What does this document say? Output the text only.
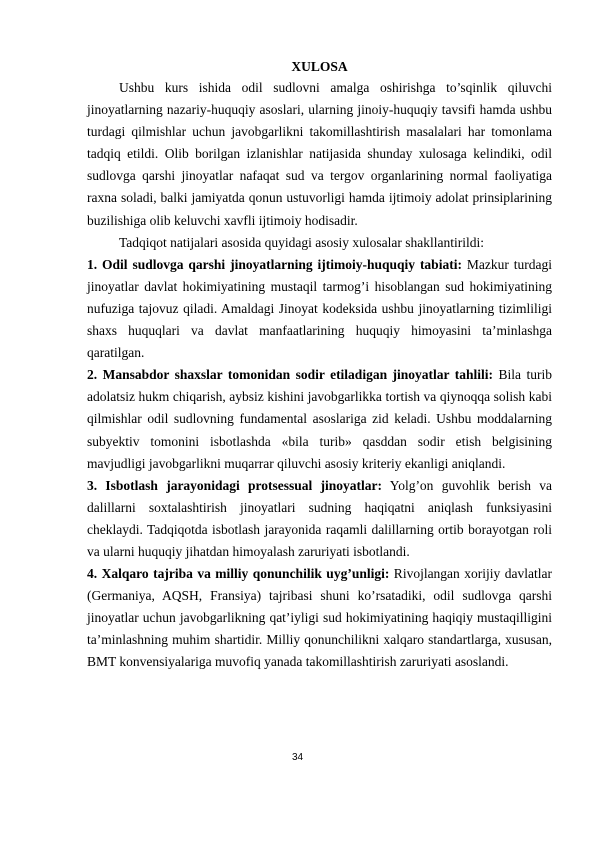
XULOSA

Ushbu kurs ishida odil sudlovni amalga oshirishga to’sqinlik qiluvchi jinoyatlarning nazariy-huquqiy asoslari, ularning jinoiy-huquqiy tavsifi hamda ushbu turdagi qilmishlar uchun javobgarlikni takomillashtirish masalalari har tomonlama tadqiq etildi. Olib borilgan izlanishlar natijasida shunday xulosaga kelindiki, odil sudlovga qarshi jinoyatlar nafaqat sud va tergov organlarining normal faoliyatiga raxna soladi, balki jamiyatda qonun ustuvorligi hamda ijtimoiy adolat prinsiplarining buzilishiga olib keluvchi xavfli ijtimoiy hodisadir.

Tadqiqot natijalari asosida quyidagi asosiy xulosalar shakllantirildi:

1. Odil sudlovga qarshi jinoyatlarning ijtimoiy-huquqiy tabiati: Mazkur turdagi jinoyatlar davlat hokimiyatining mustaqil tarmog’i hisoblangan sud hokimiyatining nufuziga tajovuz qiladi. Amaldagi Jinoyat kodeksida ushbu jinoyatlarning tizimliligi shaxs huquqlari va davlat manfaatlarining huquqiy himoyasini ta’minlashga qaratilgan.

2. Mansabdor shaxslar tomonidan sodir etiladigan jinoyatlar tahlili: Bila turib adolatsiz hukm chiqarish, aybsiz kishini javobgarlikka tortish va qiynoqqa solish kabi qilmishlar odil sudlovning fundamental asoslariga zid keladi. Ushbu moddalarning subyektiv tomonini isbotlashda «bila turib» qasddan sodir etish belgisining mavjudligi javobgarlikni muqarrar qiluvchi asosiy kriteriy ekanligi aniqlandi.

3. Isbotlash jarayonidagi protsessual jinoyatlar: Yolg’on guvohlik berish va dalillarni soxtalashtirish jinoyatlari sudning haqiqatni aniqlash funksiyasini cheklaydi. Tadqiqotda isbotlash jarayonida raqamli dalillarning ortib borayotgan roli va ularni huquqiy jihatdan himoyalash zaruriyati isbotlandi.

4. Xalqaro tajriba va milliy qonunchilik uyg’unligi: Rivojlangan xorijiy davlatlar (Germaniya, AQSH, Fransiya) tajribasi shuni ko’rsatadiki, odil sudlovga qarshi jinoyatlar uchun javobgarlikning qat’iyligi sud hokimiyatining haqiqiy mustaqilligini ta’minlashning muhim shartidir. Milliy qonunchilikni xalqaro standartlarga, xususan, BMT konvensiyalariga muvofiq yanada takomillashtirish zaruriyati asoslandi.

34
